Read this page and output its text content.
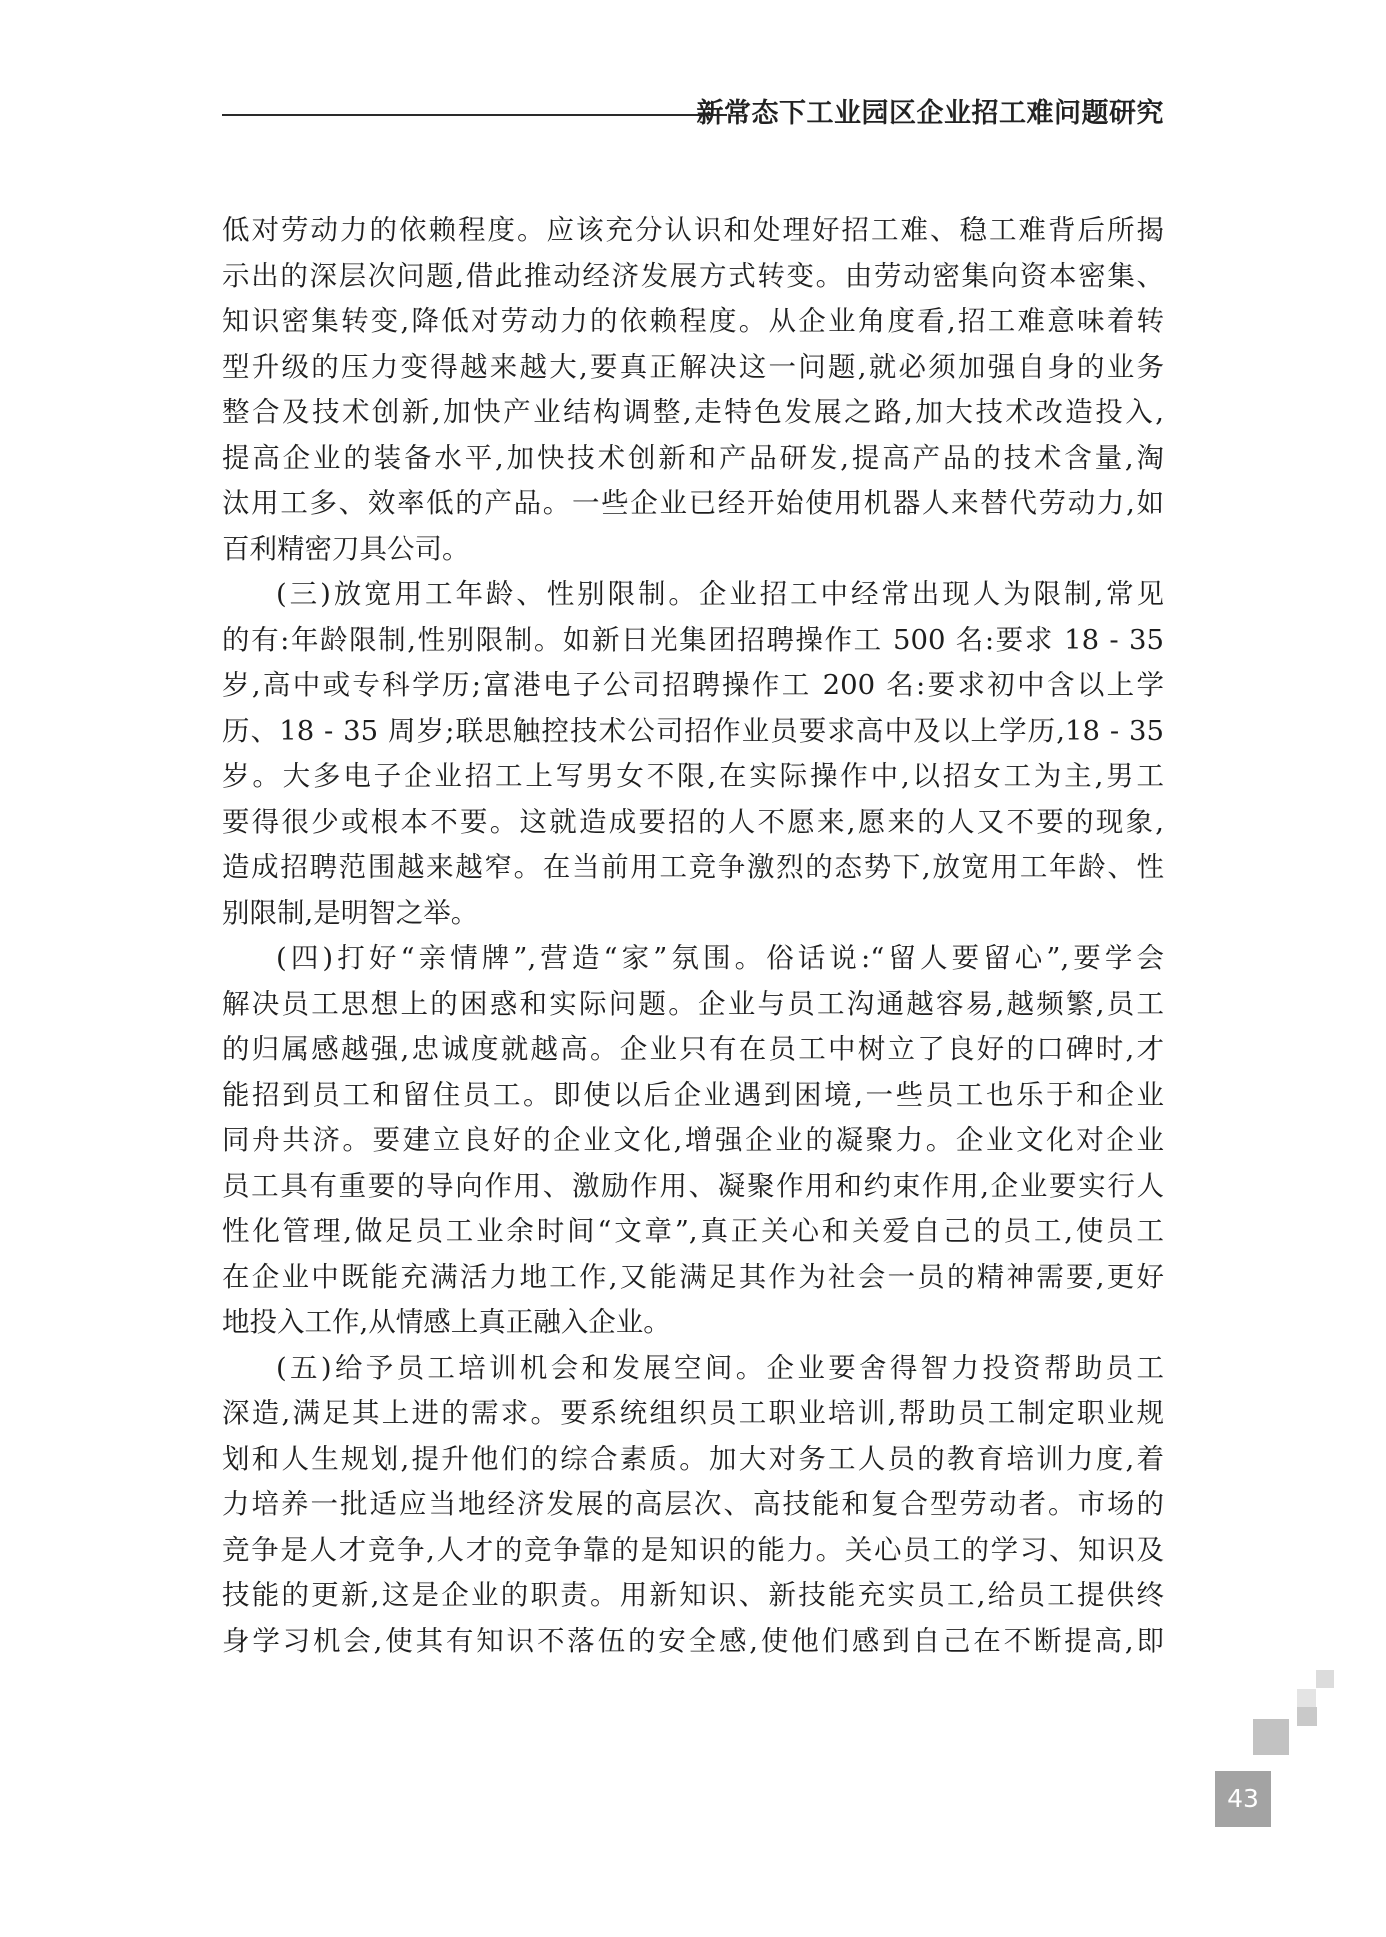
新常态下工业园区企业招工难问题研究

低对劳动力的依赖程度。应该充分认识和处理好招工难、稳工难背后所揭
示出的深层次问题,借此推动经济发展方式转变。由劳动密集向资本密集、
知识密集转变,降低对劳动力的依赖程度。从企业角度看,招工难意味着转
型升级的压力变得越来越大,要真正解决这一问题,就必须加强自身的业务
整合及技术创新,加快产业结构调整,走特色发展之路,加大技术改造投入,
提高企业的装备水平,加快技术创新和产品研发,提高产品的技术含量,淘
汰用工多、效率低的产品。一些企业已经开始使用机器人来替代劳动力,如
百利精密刀具公司。

(三)放宽用工年龄、性别限制。企业招工中经常出现人为限制,常见
的有:年龄限制,性别限制。如新日光集团招聘操作工 500 名:要求 18 - 35
岁,高中或专科学历;富港电子公司招聘操作工 200 名:要求初中含以上学
历、18 - 35 周岁;联思触控技术公司招作业员要求高中及以上学历,18 - 35
岁。大多电子企业招工上写男女不限,在实际操作中,以招女工为主,男工
要得很少或根本不要。这就造成要招的人不愿来,愿来的人又不要的现象,
造成招聘范围越来越窄。在当前用工竞争激烈的态势下,放宽用工年龄、性
别限制,是明智之举。

(四)打好“亲情牌”,营造“家”氛围。俗话说:“留人要留心”,要学会
解决员工思想上的困惑和实际问题。企业与员工沟通越容易,越频繁,员工
的归属感越强,忠诚度就越高。企业只有在员工中树立了良好的口碑时,才
能招到员工和留住员工。即使以后企业遇到困境,一些员工也乐于和企业
同舟共济。要建立良好的企业文化,增强企业的凝聚力。企业文化对企业
员工具有重要的导向作用、激励作用、凝聚作用和约束作用,企业要实行人
性化管理,做足员工业余时间“文章”,真正关心和关爱自己的员工,使员工
在企业中既能充满活力地工作,又能满足其作为社会一员的精神需要,更好
地投入工作,从情感上真正融入企业。

(五)给予员工培训机会和发展空间。企业要舍得智力投资帮助员工
深造,满足其上进的需求。要系统组织员工职业培训,帮助员工制定职业规
划和人生规划,提升他们的综合素质。加大对务工人员的教育培训力度,着
力培养一批适应当地经济发展的高层次、高技能和复合型劳动者。市场的
竞争是人才竞争,人才的竞争靠的是知识的能力。关心员工的学习、知识及
技能的更新,这是企业的职责。用新知识、新技能充实员工,给员工提供终
身学习机会,使其有知识不落伍的安全感,使他们感到自己在不断提高,即

43
